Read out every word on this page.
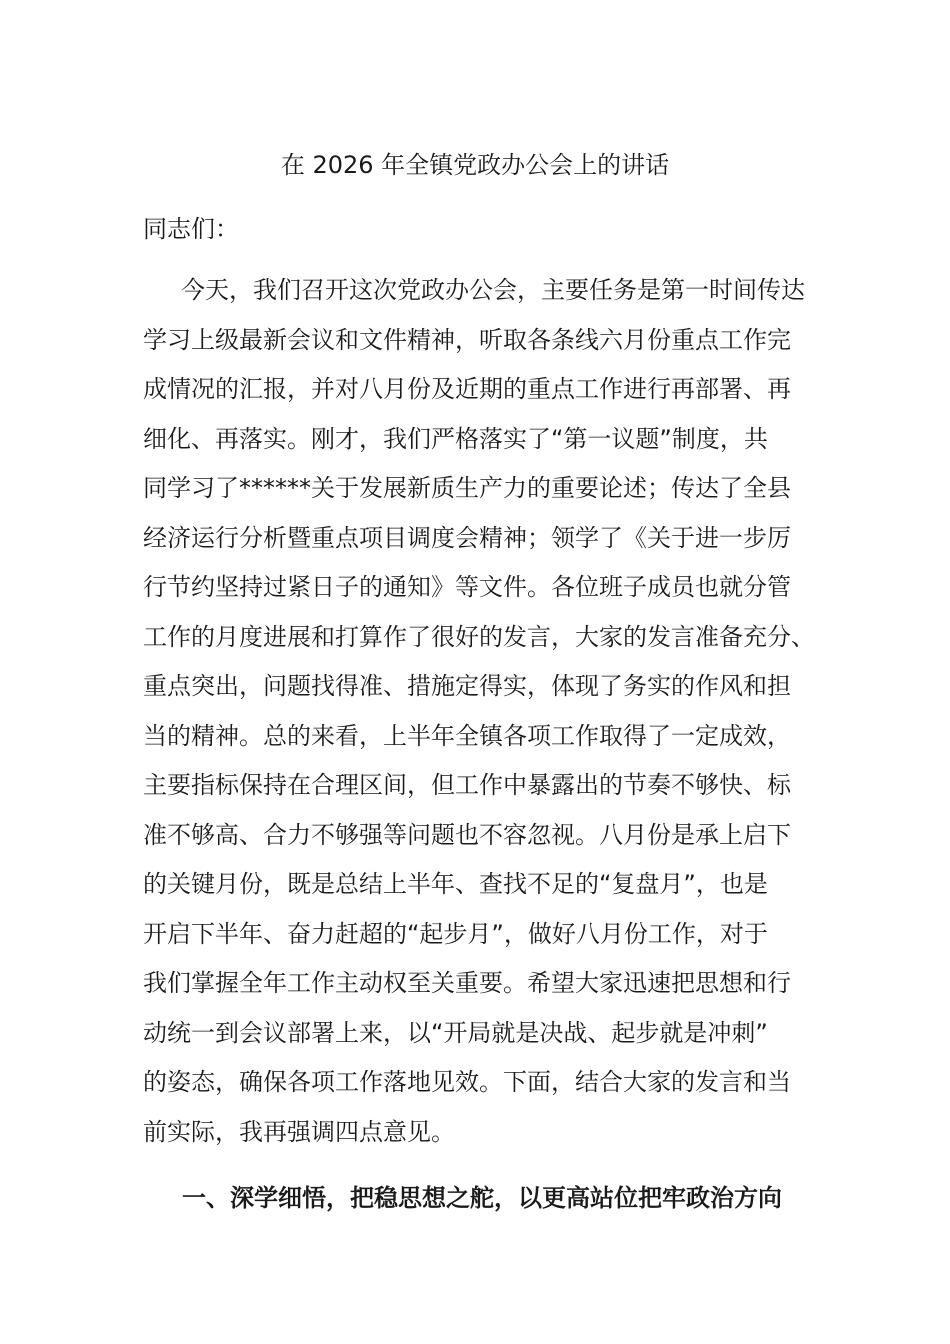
在 2026 年全镇党政办公会上的讲话
同志们：
今天，我们召开这次党政办公会，主要任务是第一时间传达
学习上级最新会议和文件精神，听取各条线六月份重点工作完
成情况的汇报，并对八月份及近期的重点工作进行再部署、再
细化、再落实。刚才，我们严格落实了“第一议题”制度，共
同学习了******关于发展新质生产力的重要论述；传达了全县
经济运行分析暨重点项目调度会精神；领学了《关于进一步厉
行节约坚持过紧日子的通知》等文件。各位班子成员也就分管
工作的月度进展和打算作了很好的发言，大家的发言准备充分、
重点突出，问题找得准、措施定得实，体现了务实的作风和担
当的精神。总的来看，上半年全镇各项工作取得了一定成效，
主要指标保持在合理区间，但工作中暴露出的节奏不够快、标
准不够高、合力不够强等问题也不容忽视。八月份是承上启下
的关键月份，既是总结上半年、查找不足的“复盘月”，也是
开启下半年、奋力赶超的“起步月”，做好八月份工作，对于
我们掌握全年工作主动权至关重要。希望大家迅速把思想和行
动统一到会议部署上来，以“开局就是决战、起步就是冲刺”
的姿态，确保各项工作落地见效。下面，结合大家的发言和当
前实际，我再强调四点意见。
一、深学细悟，把稳思想之舵，以更高站位把牢政治方向
